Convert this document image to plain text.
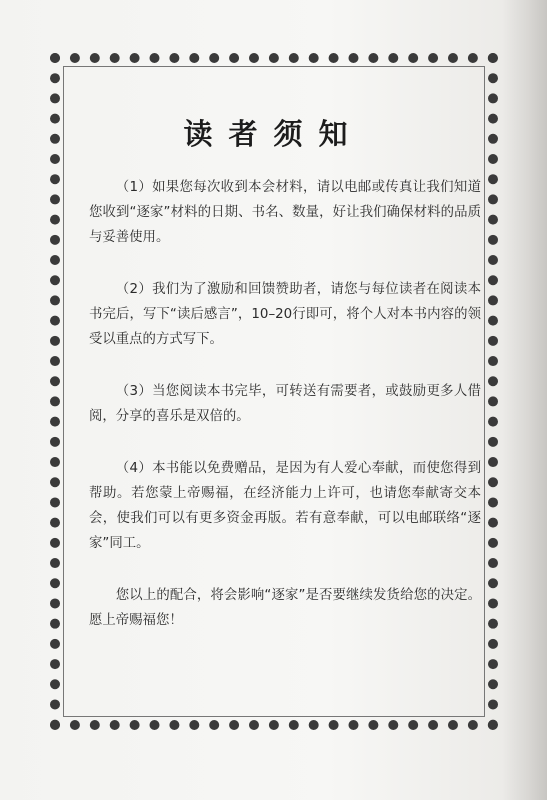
读者须知

（1）如果您每次收到本会材料，请以电邮或传真让我们知道您收到“逐家”材料的日期、书名、数量，好让我们确保材料的品质与妥善使用。

（2）我们为了激励和回馈赞助者，请您与每位读者在阅读本书完后，写下“读后感言”，10–20行即可，将个人对本书内容的领受以重点的方式写下。

（3）当您阅读本书完毕，可转送有需要者，或鼓励更多人借阅，分享的喜乐是双倍的。

（4）本书能以免费赠品，是因为有人爱心奉献，而使您得到帮助。若您蒙上帝赐福，在经济能力上许可，也请您奉献寄交本会，使我们可以有更多资金再版。若有意奉献，可以电邮联络“逐家”同工。

您以上的配合，将会影响“逐家”是否要继续发货给您的决定。愿上帝赐福您！
